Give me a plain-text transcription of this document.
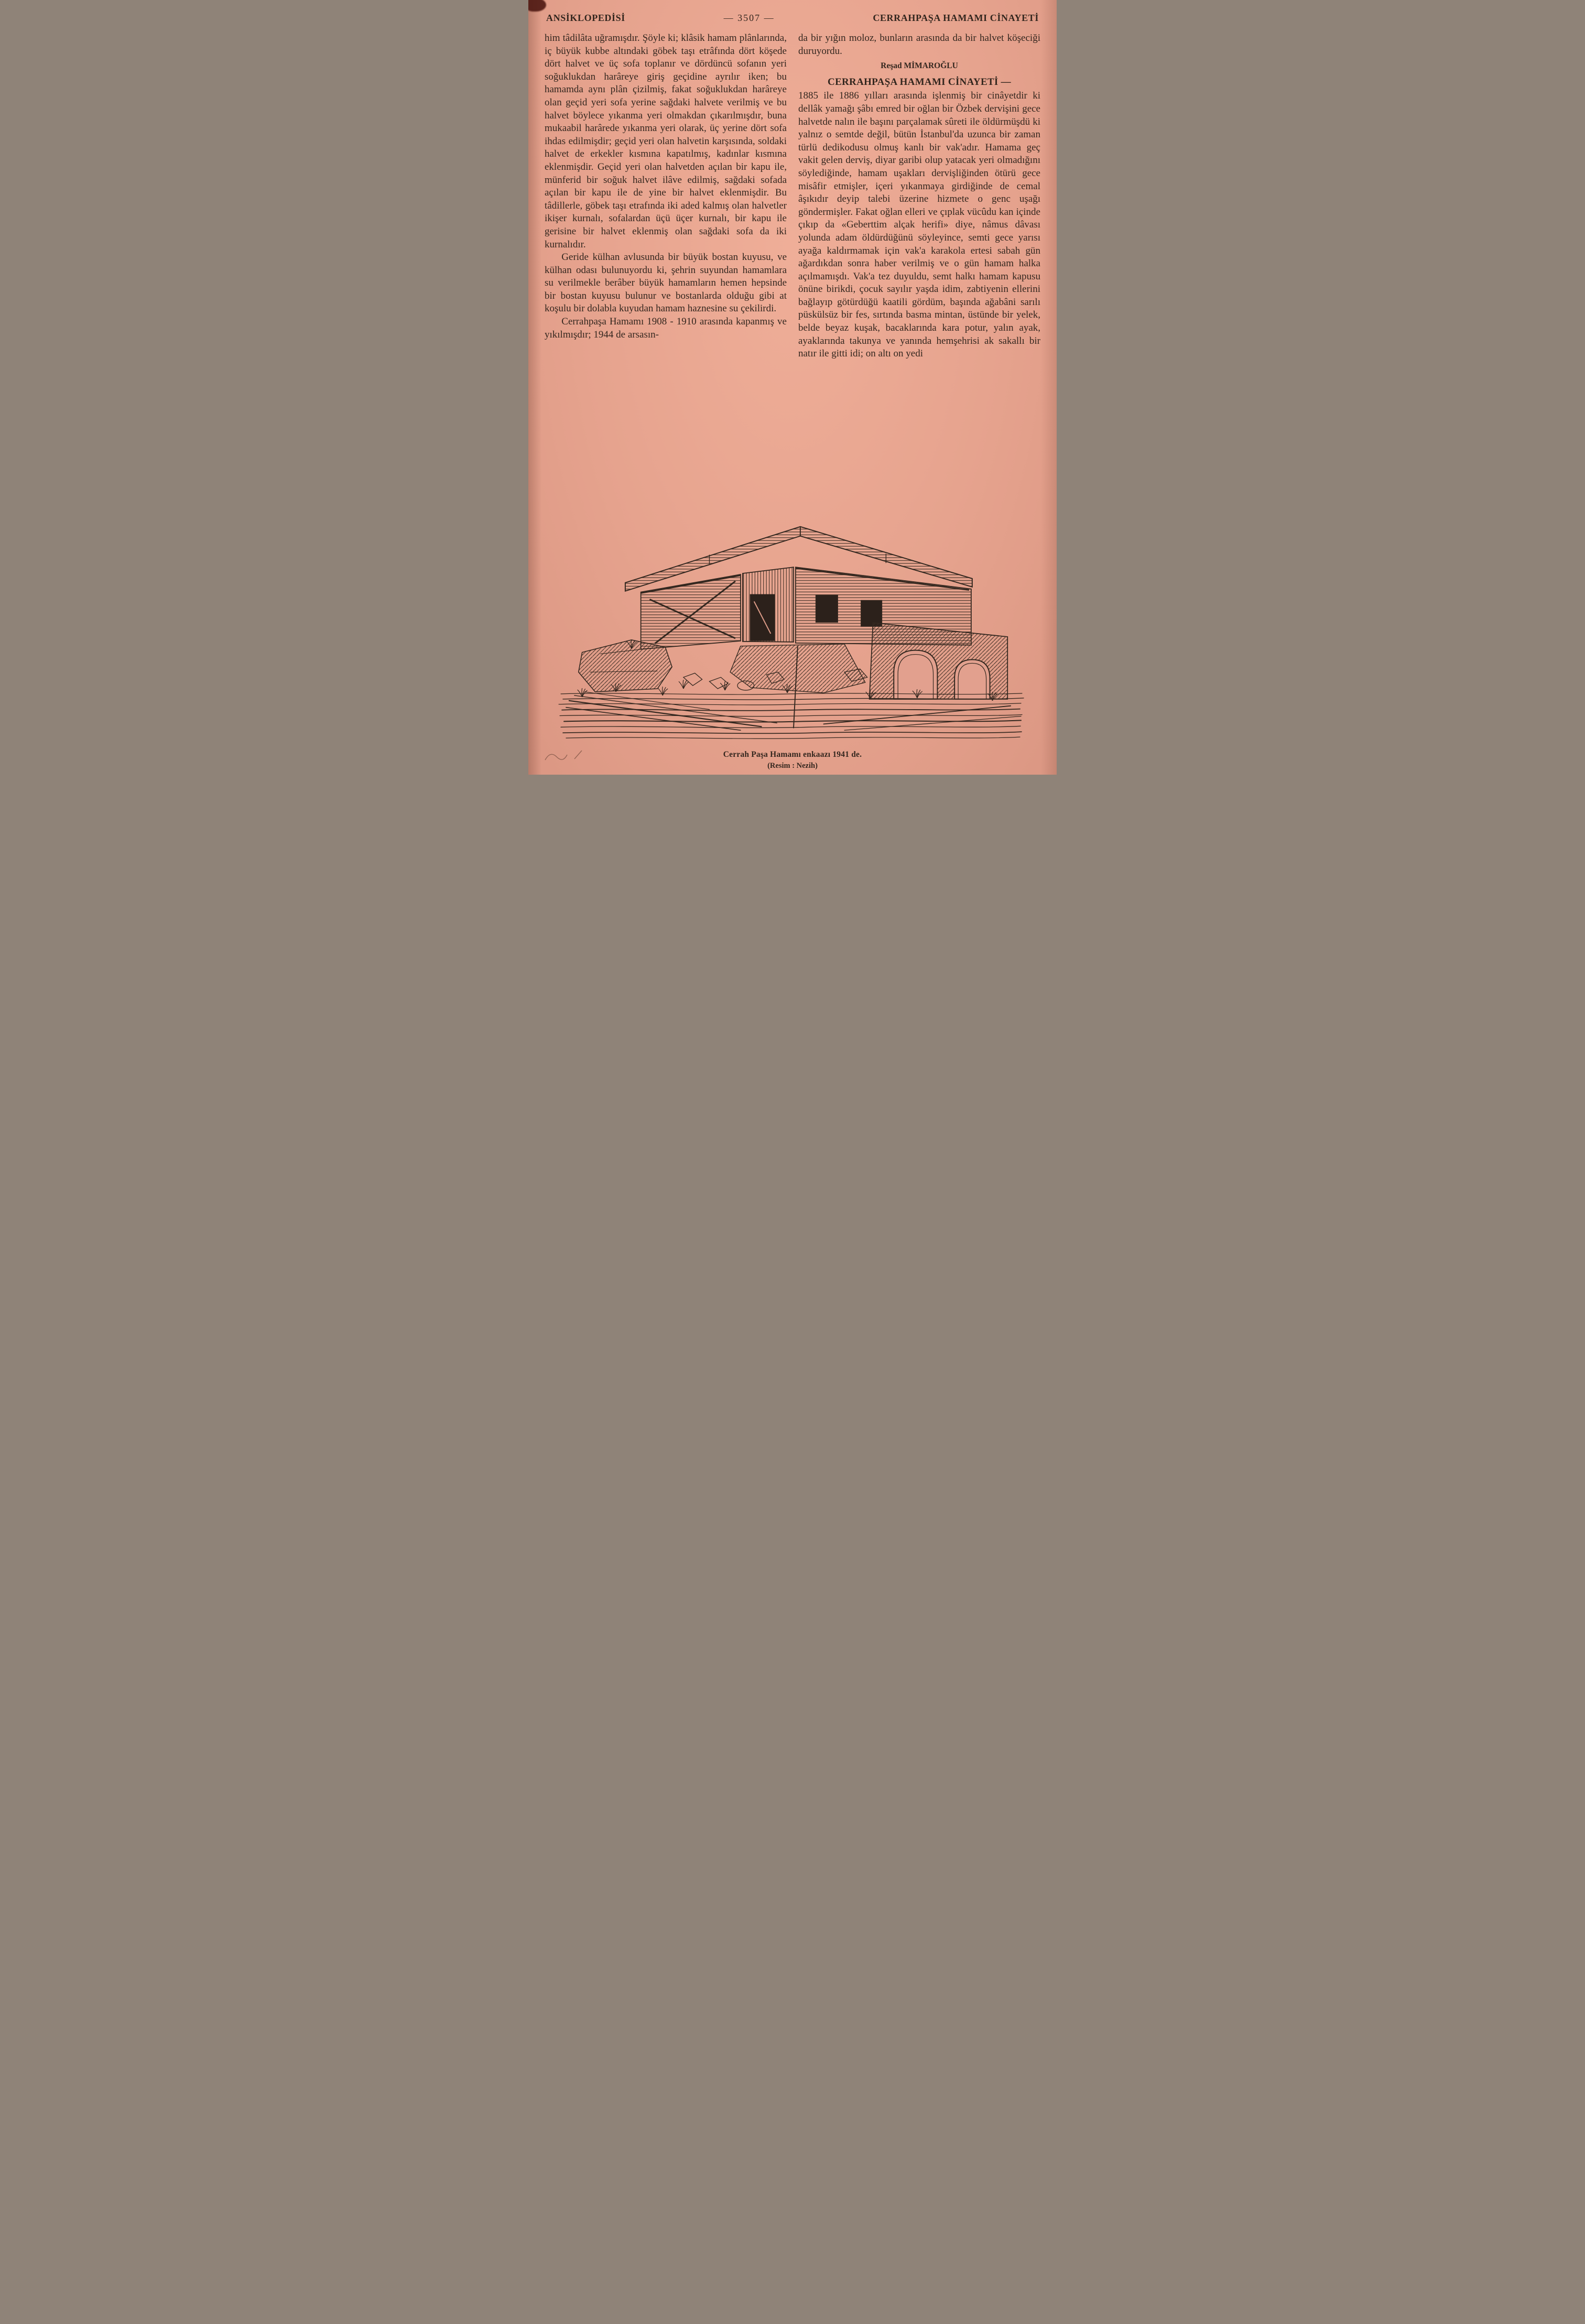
ANSİKLOPEDİSİ	— 3507 —	CERRAHPAŞA HAMAMI CİNAYETİ

him tâdilâta uğramışdır. Şöyle ki; klâsik hamam plânlarında, iç büyük kubbe altındaki göbek taşı etrâfında dört köşede dört halvet ve üç sofa toplanır ve dördüncü sofanın yeri soğuklukdan harâreye giriş geçidine ayrılır iken; bu hamamda aynı plân çizilmiş, fakat soğuklukdan harâreye olan geçid yeri sofa yerine sağdaki halvete verilmiş ve bu halvet böylece yıkanma yeri olmakdan çıkarılmışdır, buna mukaabil harârede yıkanma yeri olarak, üç yerine dört sofa ihdas edilmişdir; geçid yeri olan halvetin karşısında, soldaki halvet de erkekler kısmına kapatılmış, kadınlar kısmına eklenmişdir. Geçid yeri olan halvetden açılan bir kapu ile, münferid bir soğuk halvet ilâve edilmiş, sağdaki sofada açılan bir kapu ile de yine bir halvet eklenmişdir. Bu tâdillerle, göbek taşı etrafında iki aded kalmış olan halvetler ikişer kurnalı, sofalardan üçü üçer kurnalı, bir kapu ile gerisine bir halvet eklenmiş olan sağdaki sofa da iki kurnalıdır.

Geride külhan avlusunda bir büyük bostan kuyusu, ve külhan odası bulunuyordu ki, şehrin suyundan hamamlara su verilmekle berâber büyük hamamların hemen hepsinde bir bostan kuyusu bulunur ve bostanlarda olduğu gibi at koşulu bir dolabla kuyudan hamam haznesine su çekilirdi.

Cerrahpaşa Hamamı 1908 - 1910 arasında kapanmış ve yıkılmışdır; 1944 de arsasın-

da bir yığın moloz, bunların arasında da bir halvet köşeciği duruyordu.

Reşad MİMAROĞLU

CERRAHPAŞA HAMAMI CİNAYETİ —

1885 ile 1886 yılları arasında işlenmiş bir cinâyetdir ki dellâk yamağı şâbı emred bir oğlan bir Özbek dervişini gece halvetde nalın ile başını parçalamak sûreti ile öldürmüşdü ki yalnız o semtde değil, bütün İstanbul'da uzunca bir zaman türlü dedikodusu olmuş kanlı bir vak'adır. Hamama geç vakit gelen derviş, diyar garibi olup yatacak yeri olmadığını söylediğinde, hamam uşakları dervişliğinden ötürü gece misâfir etmişler, içeri yıkanmaya girdiğinde de cemal âşıkıdır deyip talebi üzerine hizmete o genc uşağı göndermişler. Fakat oğlan elleri ve çıplak vücûdu kan içinde çıkıp da «Geberttim alçak herifi» diye, nâmus dâvası yolunda adam öldürdüğünü söyleyince, semti gece yarısı ayağa kaldırmamak için vak'a karakola ertesi sabah gün ağardıkdan sonra haber verilmiş ve o gün hamam halka açılmamışdı. Vak'a tez duyuldu, semt halkı hamam kapusu önüne birikdi, çocuk sayılır yaşda idim, zabtiyenin ellerini bağlayıp götürdüğü kaatili gördüm, başında ağabâni sarılı püskülsüz bir fes, sırtında basma mintan, üstünde bir yelek, belde beyaz kuşak, bacaklarında kara potur, yalın ayak, ayaklarında takunya ve yanında hemşehrisi ak sakallı bir natır ile gitti idi; on altı on yedi

Cerrah Paşa Hamamı enkaazı 1941 de.
(Resim : Nezih)
